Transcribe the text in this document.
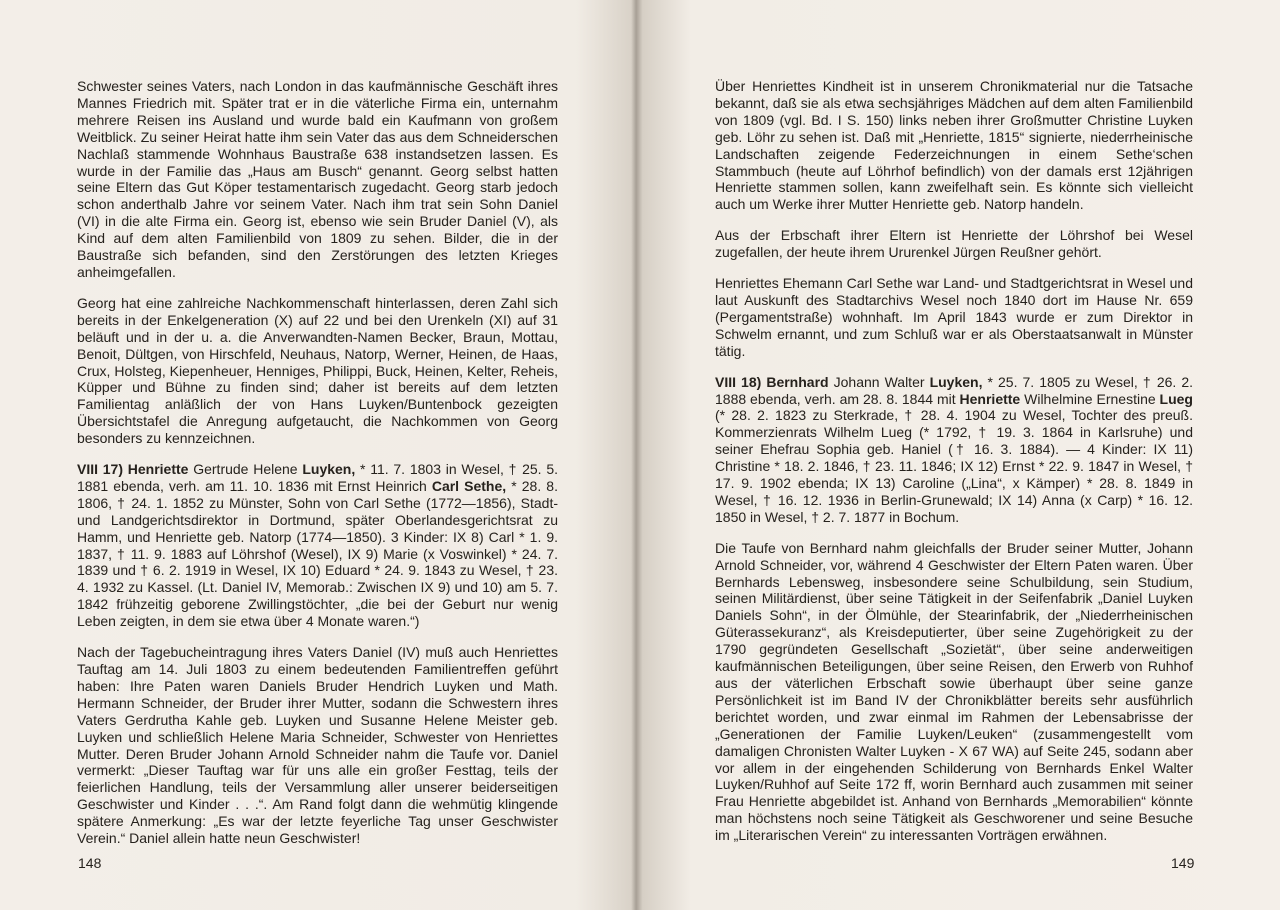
Schwester seines Vaters, nach London in das kaufmännische Geschäft ihres Mannes Friedrich mit. Später trat er in die väterliche Firma ein, unternahm mehrere Reisen ins Ausland und wurde bald ein Kaufmann von großem Weitblick. Zu seiner Heirat hatte ihm sein Vater das aus dem Schneiderschen Nachlaß stammende Wohnhaus Baustraße 638 instandsetzen lassen. Es wurde in der Familie das „Haus am Busch“ genannt. Georg selbst hatten seine Eltern das Gut Köper testamentarisch zugedacht. Georg starb jedoch schon anderthalb Jahre vor seinem Vater. Nach ihm trat sein Sohn Daniel (VI) in die alte Firma ein. Georg ist, ebenso wie sein Bruder Daniel (V), als Kind auf dem alten Familienbild von 1809 zu sehen. Bilder, die in der Baustraße sich befanden, sind den Zerstörungen des letzten Krieges anheimgefallen.

Georg hat eine zahlreiche Nachkommenschaft hinterlassen, deren Zahl sich bereits in der Enkelgeneration (X) auf 22 und bei den Urenkeln (XI) auf 31 beläuft und in der u. a. die Anverwandten-Namen Becker, Braun, Mottau, Benoit, Dültgen, von Hirschfeld, Neuhaus, Natorp, Werner, Heinen, de Haas, Crux, Holsteg, Kiepenheuer, Henniges, Philippi, Buck, Heinen, Kelter, Reheis, Küpper und Bühne zu finden sind; daher ist bereits auf dem letzten Familientag anläßlich der von Hans Luyken/Buntenbock gezeigten Übersichtstafel die Anregung aufgetaucht, die Nachkommen von Georg besonders zu kennzeichnen.

VIII 17) Henriette Gertrude Helene Luyken, * 11. 7. 1803 in Wesel, † 25. 5. 1881 ebenda, verh. am 11. 10. 1836 mit Ernst Heinrich Carl Sethe, * 28. 8. 1806, † 24. 1. 1852 zu Münster, Sohn von Carl Sethe (1772—1856), Stadt- und Landgerichtsdirektor in Dortmund, später Oberlandesgerichtsrat zu Hamm, und Henriette geb. Natorp (1774—1850). 3 Kinder: IX 8) Carl * 1. 9. 1837, † 11. 9. 1883 auf Löhrshof (Wesel), IX 9) Marie (x Voswinkel) * 24. 7. 1839 und † 6. 2. 1919 in Wesel, IX 10) Eduard * 24. 9. 1843 zu Wesel, † 23. 4. 1932 zu Kassel. (Lt. Daniel IV, Memorab.: Zwischen IX 9) und 10) am 5. 7. 1842 frühzeitig geborene Zwillingstöchter, „die bei der Geburt nur wenig Leben zeigten, in dem sie etwa über 4 Monate waren.“)

Nach der Tagebucheintragung ihres Vaters Daniel (IV) muß auch Henriettes Tauftag am 14. Juli 1803 zu einem bedeutenden Familientreffen geführt haben: Ihre Paten waren Daniels Bruder Hendrich Luyken und Math. Hermann Schneider, der Bruder ihrer Mutter, sodann die Schwestern ihres Vaters Gerdrutha Kahle geb. Luyken und Susanne Helene Meister geb. Luyken und schließlich Helene Maria Schneider, Schwester von Henriettes Mutter. Deren Bruder Johann Arnold Schneider nahm die Taufe vor. Daniel vermerkt: „Dieser Tauftag war für uns alle ein großer Festtag, teils der feierlichen Handlung, teils der Versammlung aller unserer beiderseitigen Geschwister und Kinder . . .“. Am Rand folgt dann die wehmütig klingende spätere Anmerkung: „Es war der letzte feyerliche Tag unser Geschwister Verein.“ Daniel allein hatte neun Geschwister!

148

Über Henriettes Kindheit ist in unserem Chronikmaterial nur die Tatsache bekannt, daß sie als etwa sechsjähriges Mädchen auf dem alten Familienbild von 1809 (vgl. Bd. I S. 150) links neben ihrer Großmutter Christine Luyken geb. Löhr zu sehen ist. Daß mit „Henriette, 1815“ signierte, niederrheinische Landschaften zeigende Federzeichnungen in einem Sethe‘schen Stammbuch (heute auf Löhrhof befindlich) von der damals erst 12jährigen Henriette stammen sollen, kann zweifelhaft sein. Es könnte sich vielleicht auch um Werke ihrer Mutter Henriette geb. Natorp handeln.

Aus der Erbschaft ihrer Eltern ist Henriette der Löhrshof bei Wesel zugefallen, der heute ihrem Ururenkel Jürgen Reußner gehört.

Henriettes Ehemann Carl Sethe war Land- und Stadtgerichtsrat in Wesel und laut Auskunft des Stadtarchivs Wesel noch 1840 dort im Hause Nr. 659 (Pergamentstraße) wohnhaft. Im April 1843 wurde er zum Direktor in Schwelm ernannt, und zum Schluß war er als Oberstaatsanwalt in Münster tätig.

VIII 18) Bernhard Johann Walter Luyken, * 25. 7. 1805 zu Wesel, † 26. 2. 1888 ebenda, verh. am 28. 8. 1844 mit Henriette Wilhelmine Ernestine Lueg (* 28. 2. 1823 zu Sterkrade, † 28. 4. 1904 zu Wesel, Tochter des preuß. Kommerzienrats Wilhelm Lueg (* 1792, † 19. 3. 1864 in Karlsruhe) und seiner Ehefrau Sophia geb. Haniel († 16. 3. 1884). — 4 Kinder: IX 11) Christine * 18. 2. 1846, † 23. 11. 1846; IX 12) Ernst * 22. 9. 1847 in Wesel, † 17. 9. 1902 ebenda; IX 13) Caroline („Lina“, x Kämper) * 28. 8. 1849 in Wesel, † 16. 12. 1936 in Berlin-Grunewald; IX 14) Anna (x Carp) * 16. 12. 1850 in Wesel, † 2. 7. 1877 in Bochum.

Die Taufe von Bernhard nahm gleichfalls der Bruder seiner Mutter, Johann Arnold Schneider, vor, während 4 Geschwister der Eltern Paten waren. Über Bernhards Lebensweg, insbesondere seine Schulbildung, sein Studium, seinen Militärdienst, über seine Tätigkeit in der Seifenfabrik „Daniel Luyken Daniels Sohn“, in der Ölmühle, der Stearinfabrik, der „Niederrheinischen Güterassekuranz“, als Kreisdeputierter, über seine Zugehörigkeit zu der 1790 gegründeten Gesellschaft „Sozietät“, über seine anderweitigen kaufmännischen Beteiligungen, über seine Reisen, den Erwerb von Ruhhof aus der väterlichen Erbschaft sowie überhaupt über seine ganze Persönlichkeit ist im Band IV der Chronikblätter bereits sehr ausführlich berichtet worden, und zwar einmal im Rahmen der Lebensabrisse der „Generationen der Familie Luyken/Leuken“ (zusammengestellt vom damaligen Chronisten Walter Luyken - X 67 WA) auf Seite 245, sodann aber vor allem in der eingehenden Schilderung von Bernhards Enkel Walter Luyken/Ruhhof auf Seite 172 ff, worin Bernhard auch zusammen mit seiner Frau Henriette abgebildet ist. Anhand von Bernhards „Memorabilien“ könnte man höchstens noch seine Tätigkeit als Geschworener und seine Besuche im „Literarischen Verein“ zu interessanten Vorträgen erwähnen.

149
